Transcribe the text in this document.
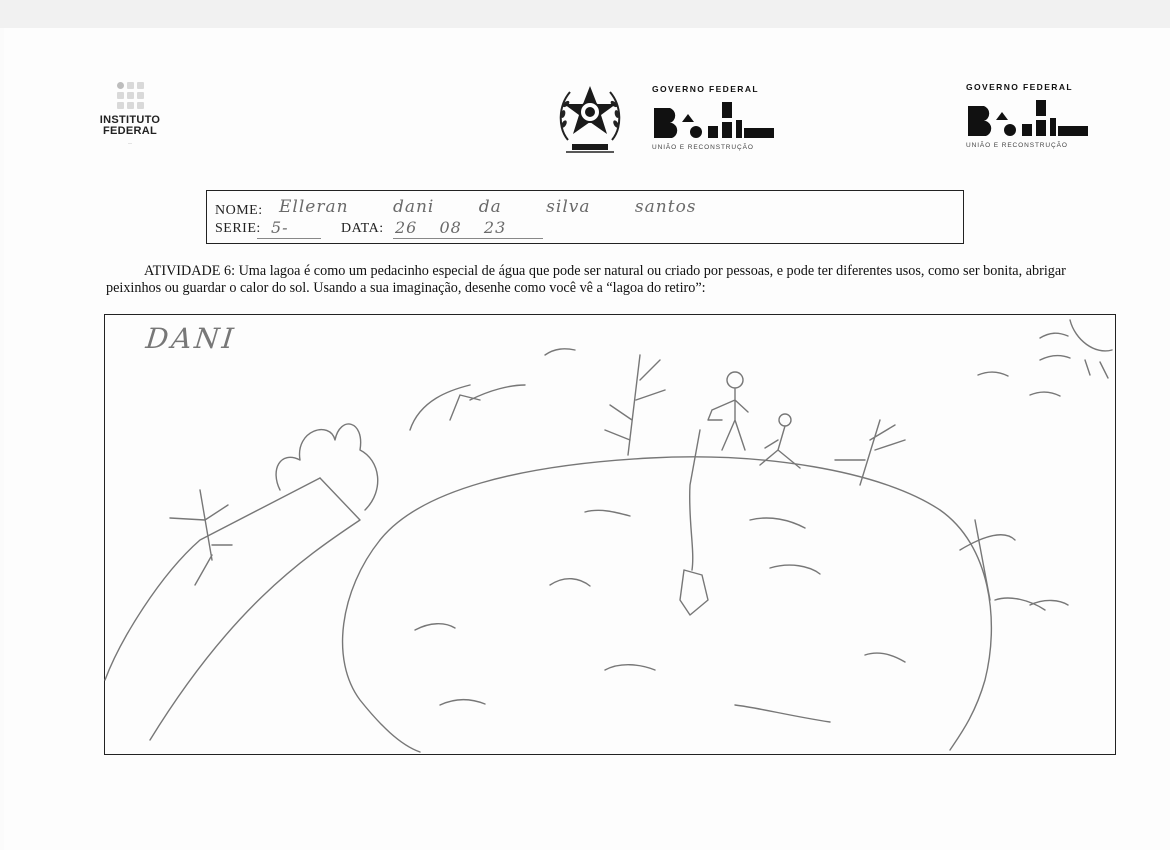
INSTITUTO
FEDERAL
—
GOVERNO FEDERAL
UNIÃO E RECONSTRUÇÃO
GOVERNO FEDERAL
UNIÃO E RECONSTRUÇÃO
NOME:
SERIE:	DATA:
Elleran dani da silva santos
5-	26 08 23
ATIVIDADE 6: Uma lagoa é como um pedacinho especial de água que pode ser natural ou criado por pessoas, e pode ter diferentes usos, como ser bonita, abrigar peixinhos ou guardar o calor do sol. Usando a sua imaginação, desenhe como você vê a “lagoa do retiro”:
DANI
